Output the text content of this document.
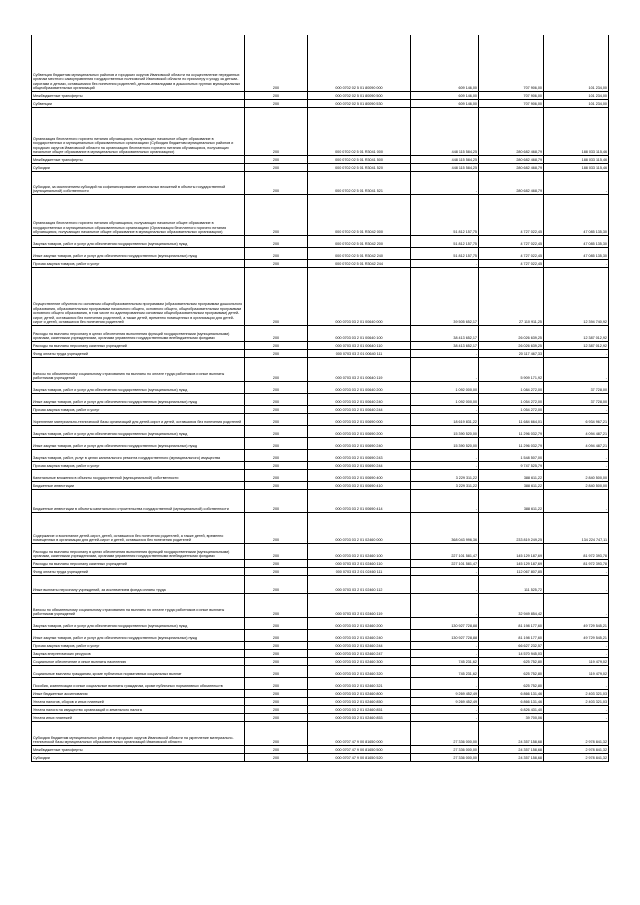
Субвенция бюджетам муниципальных районов и городских округов Ивановской области на осуществление переданных органам местного самоуправления государственных полномочий Ивановской области по присмотру и уходу за детьми-сиротами и детьми, оставшимися без попечения родителей, детьми-инвалидами в дошкольных группах муниципальных общеобразовательных организаций	200	000 0702 02 5 01 80090 000	609 146,00	707 906,00	101 234,00
Межбюджетные трансферты	200	000 0702 02 5 01 80090 500	609 146,00	707 906,00	101 234,00
Субвенции	200	000 0702 02 5 01 80090 530	609 146,00	707 906,00	101 234,00
Организация бесплатного горячего питания обучающихся, получающих начальное общее образование в государственных и муниципальных образовательных организациях (Субсидия бюджетам муниципальных районов и городских округов Ивановской области на организацию бесплатного горячего питания обучающихся, получающих начальное общее образование в муниципальных образовательных организациях)	200	000 0702 02 5 01 R3041 000	448 115 584,25	280 682 468,79	188 033 115,46
Межбюджетные трансферты	200	000 0702 02 5 01 R3041 500	448 115 584,25	280 682 468,79	188 033 115,46
Субсидии	200	000 0702 02 5 01 R3041 520	448 115 584,25	280 682 468,79	188 033 115,46
Субсидии, за исключением субсидий на софинансирование капитальных вложений в объекты государственной (муниципальной) собственности	200	000 0702 02 5 01 R3041 521	-	280 682 468,79	-
Организация бесплатного горячего питания обучающихся, получающих начальное общее образование в государственных и муниципальных образовательных организациях (Организация бесплатного горячего питания обучающихся, получающих начальное общее образование в муниципальных образовательных организациях)	200	000 0702 02 5 01 R3042 000	51 812 157,75	4 727 022,45	47 085 135,30
Закупка товаров, работ и услуг для обеспечения государственных (муниципальных) нужд	200	000 0702 02 5 01 R3042 200	51 812 157,75	4 727 022,45	47 085 135,30
Иные закупки товаров, работ и услуг для обеспечения государственных (муниципальных) нужд	200	000 0702 02 5 01 R3042 240	51 812 157,75	4 727 022,45	47 085 135,30
Прочая закупка товаров, работ и услуг	200	000 0702 02 5 01 R3042 244	-	4 727 022,45	-
Осуществление обучения по основным общеобразовательным программам (образовательным программам дошкольного образования, образовательным программам начального общего, основного общего, общеобразовательным программам основного общего образования, в том числе по адаптированным основным общеобразовательным программам) детей-сирот, детей, оставшихся без попечения родителей, а также детей, временно помещенных в организации для детей-сирот и детей, оставшихся без попечения родителей	200	000 0703 03 2 01 00640 000	39 505 652,17	27 110 911,25	12 394 740,92
Расходы на выплаты персоналу в целях обеспечения выполнения функций государственными (муниципальными) органами, казенными учреждениями, органами управления государственными внебюджетными фондами	200	000 0703 03 2 01 00640 100	38 413 652,17	26 026 639,25	12 387 012,92
Расходы на выплаты персоналу казенных учреждений	200	000 0703 03 2 01 00640 110	38 413 652,17	26 026 639,25	12 387 012,92
Фонд оплаты труда учреждений	200	000 0703 03 2 01 00640 111	-	20 117 467,33	-
Взносы по обязательному социальному страхованию на выплаты по оплате труда работников и иные выплаты работникам учреждений	200	000 0703 03 2 01 00640 119	-	5 909 171,92	-
Закупка товаров, работ и услуг для обеспечения государственных (муниципальных) нужд	200	000 0703 03 2 01 00640 200	1 092 000,00	1 084 272,00	37 728,00
Иные закупки товаров, работ и услуг для обеспечения государственных (муниципальных) нужд	200	000 0703 03 2 01 00640 240	1 092 000,00	1 054 272,00	37 728,00
Прочая закупка товаров, работ и услуг	200	000 0703 03 2 01 00640 244	-	1 054 272,00	-
Укрепление материально-технической базы организаций для детей-сирот и детей, оставшихся без попечения родителей	200	000 0703 03 2 01 00690 000	18 619 831,22	11 684 664,01	6 934 967,21
Закупка товаров, работ и услуг для обеспечения государственных (муниципальных) нужд	200	000 0703 03 2 01 00690 200	15 390 520,00	11 296 032,79	4 094 487,21
Иные закупки товаров, работ и услуг для обеспечения государственных (муниципальных) нужд	200	000 0703 03 2 01 00690 240	15 390 520,00	11 296 032,79	4 094 487,21
Закупка товаров, работ, услуг в целях капитального ремонта государственного (муниципального) имущества	200	000 0703 03 2 01 00690 243	-	1 548 507,00	-
Прочая закупка товаров, работ и услуг	200	000 0703 03 2 01 00690 244	-	9 747 525,79	-
Капитальные вложения в объекты государственной (муниципальной) собственности	200	000 0703 03 2 01 00690 400	3 229 311,22	388 611,22	2 840 500,00
Бюджетные инвестиции	200	000 0703 03 2 01 00690 410	3 229 311,22	388 611,22	2 840 500,00
Бюджетные инвестиции в объекты капитального строительства государственной (муниципальной) собственности	200	000 0703 03 2 01 00690 414	-	388 611,22	-
Содержание и воспитание детей-сирот, детей, оставшихся без попечения родителей, а также детей, временно помещенных в организации для детей-сирот и детей, оставшихся без попечения родителей	200	000 0703 03 2 01 02460 000	368 043 996,36	233 819 249,25	134 224 747,11
Расходы на выплаты персоналу в целях обеспечения выполнения функций государственными (муниципальными) органами, казенными учреждениями, органами управления государственными внебюджетными фондами	200	000 0703 03 2 01 02460 100	227 101 581,47	145 129 187,69	81 972 393,78
Расходы на выплаты персоналу казенных учреждений	200	000 0703 03 2 01 02460 110	227 101 581,47	145 129 187,69	81 972 393,78
Фонд оплаты труда учреждений	200	000 0703 03 2 01 02460 111	-	112 067 807,85	-
Иные выплаты персоналу учреждений, за исключением фонда оплаты труда	200	000 0703 03 2 01 02460 112	-	111 525,72	-
Взносы по обязательному социальному страхованию на выплаты по оплате труда работников и иные выплаты работникам учреждений	200	000 0703 03 2 01 02460 119	-	32 949 854,42	-
Закупка товаров, работ и услуг для обеспечения государственных (муниципальных) нужд	200	000 0703 03 2 01 02460 200	130 927 728,88	81 198 177,60	49 729 545,21
Иные закупки товаров, работ и услуг для обеспечения государственных (муниципальных) нужд	200	000 0703 03 2 01 02460 240	130 927 728,88	81 198 177,60	49 729 545,21
Прочая закупка товаров, работ и услуг	200	000 0703 03 2 01 02460 244	-	66 627 232,57	-
Закупка энергетических ресурсов	200	000 0703 03 2 01 02460 247	-	14 570 945,03	-
Социальное обеспечение и иные выплаты населению	200	000 0703 03 2 01 02460 300	745 231,62	625 752,80	119 479,02
Социальные выплаты гражданам, кроме публичных нормативных социальных выплат	200	000 0703 03 2 01 02460 320	745 231,62	625 752,80	119 479,02
Пособия, компенсации и иные социальные выплаты гражданам, кроме публичных нормативных обязательств	200	000 0703 03 2 01 02460 321	-	625 752,80	-
Иные бюджетные ассигнования	200	000 0703 03 2 01 02460 800	9 269 452,49	6 866 131,46	2 403 321,03
Уплата налогов, сборов и иных платежей	200	000 0703 03 2 01 02460 850	9 269 452,49	6 866 131,46	2 403 321,03
Уплата налога на имущество организаций и земельного налога	200	000 0703 03 2 01 02460 851	-	6 826 431,40	-
Уплата иных платежей	200	000 0703 03 2 01 02460 853	-	39 700,06	-
Субсидия бюджетам муниципальных районов и городских округов Ивановской области на укрепление материально-технической базы муниципальных образовательных организаций Ивановской области	200	000 0707 47 9 00 81650 000	27 336 000,00	24 357 158,68	2 978 841,32
Межбюджетные трансферты	200	000 0707 47 9 00 81650 500	27 336 000,00	24 357 158,68	2 978 841,32
Субсидии	200	000 0707 47 9 00 81650 520	27 336 000,00	24 357 158,68	2 978 841,32
